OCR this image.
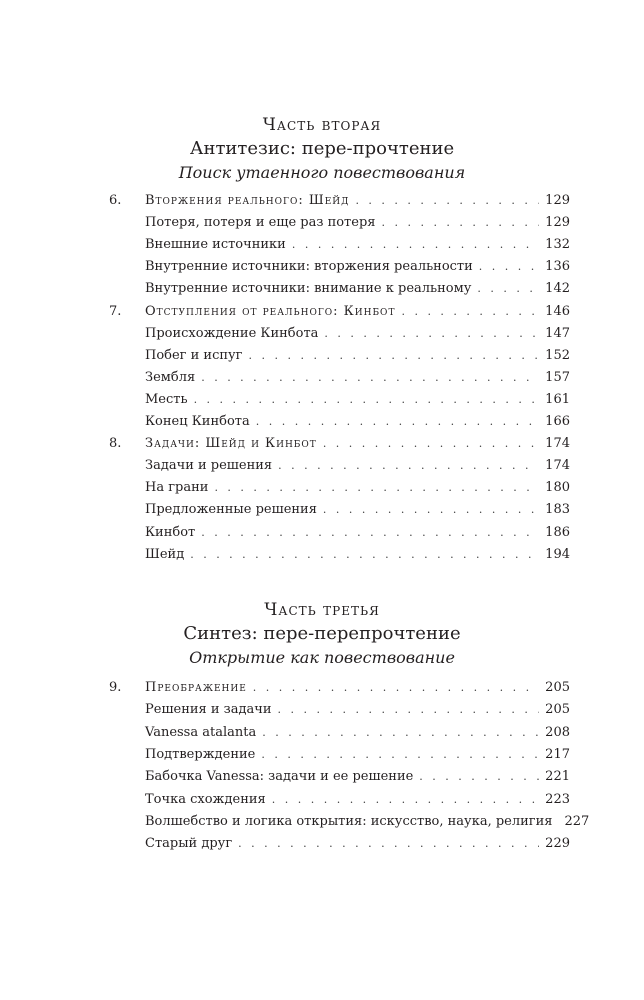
Часть вторая
Антитезис: пере-прочтение
Поиск утаенного повествования
6. Вторжения реального: Шейд . . .	129
Потеря, потеря и еще раз потеря . . .	129
Внешние источники . . .	132
Внутренние источники: вторжения реальности . . .	136
Внутренние источники: внимание к реальному . . .	142
7. Отступления от реального: Кинбот . . .	146
Происхождение Кинбота . . .	147
Побег и испуг . . .	152
Зембля . . .	157
Месть . . .	161
Конец Кинбота . . .	166
8. Задачи: Шейд и Кинбот . . .	174
Задачи и решения . . .	174
На грани . . .	180
Предложенные решения . . .	183
Кинбот . . .	186
Шейд . . .	194
Часть третья
Синтез: пере-перепрочтение
Открытие как повествование
9. Преображение . . .	205
Решения и задачи . . .	205
Vanessa atalanta . . .	208
Подтверждение . . .	217
Бабочка Vanessa: задачи и ее решение . . .	221
Точка схождения . . .	223
Волшебство и логика открытия: искусство, наука, религия 227
Старый друг . . .	229
